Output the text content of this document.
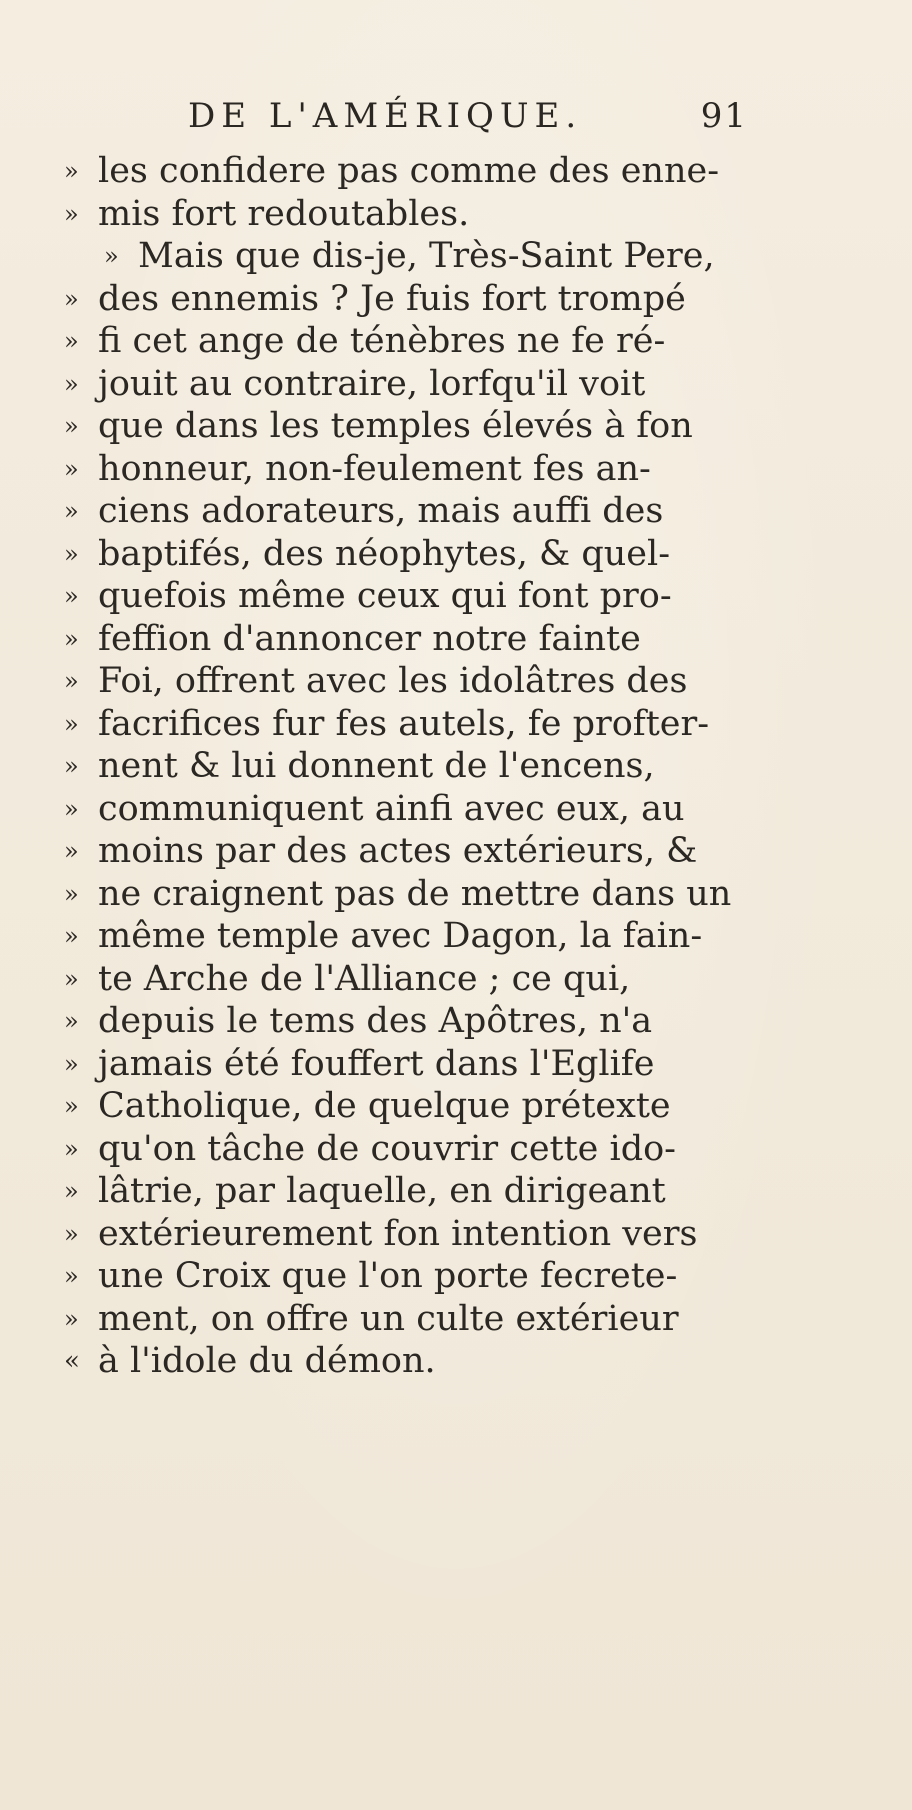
DE L'AMÉRIQUE.	91
» les confidere pas comme des enne-
» mis fort redoutables.
» Mais que dis-je, Très-Saint Pere,
» des ennemis ? Je fuis fort trompé
» fi cet ange de ténèbres ne fe ré-
» jouit au contraire, lorfqu'il voit
» que dans les temples élevés à fon
» honneur, non-feulement fes an-
» ciens adorateurs, mais auffi des
» baptifés, des néophytes, & quel-
» quefois même ceux qui font pro-
» feffion d'annoncer notre fainte
» Foi, offrent avec les idolâtres des
» facrifices fur fes autels, fe profter-
» nent & lui donnent de l'encens,
» communiquent ainfi avec eux, au
» moins par des actes extérieurs, &
» ne craignent pas de mettre dans un
» même temple avec Dagon, la fain-
» te Arche de l'Alliance ; ce qui,
» depuis le tems des Apôtres, n'a
» jamais été fouffert dans l'Eglife
» Catholique, de quelque prétexte
» qu'on tâche de couvrir cette ido-
» lâtrie, par laquelle, en dirigeant
» extérieurement fon intention vers
» une Croix que l'on porte fecrete-
» ment, on offre un culte extérieur
« à l'idole du démon.
